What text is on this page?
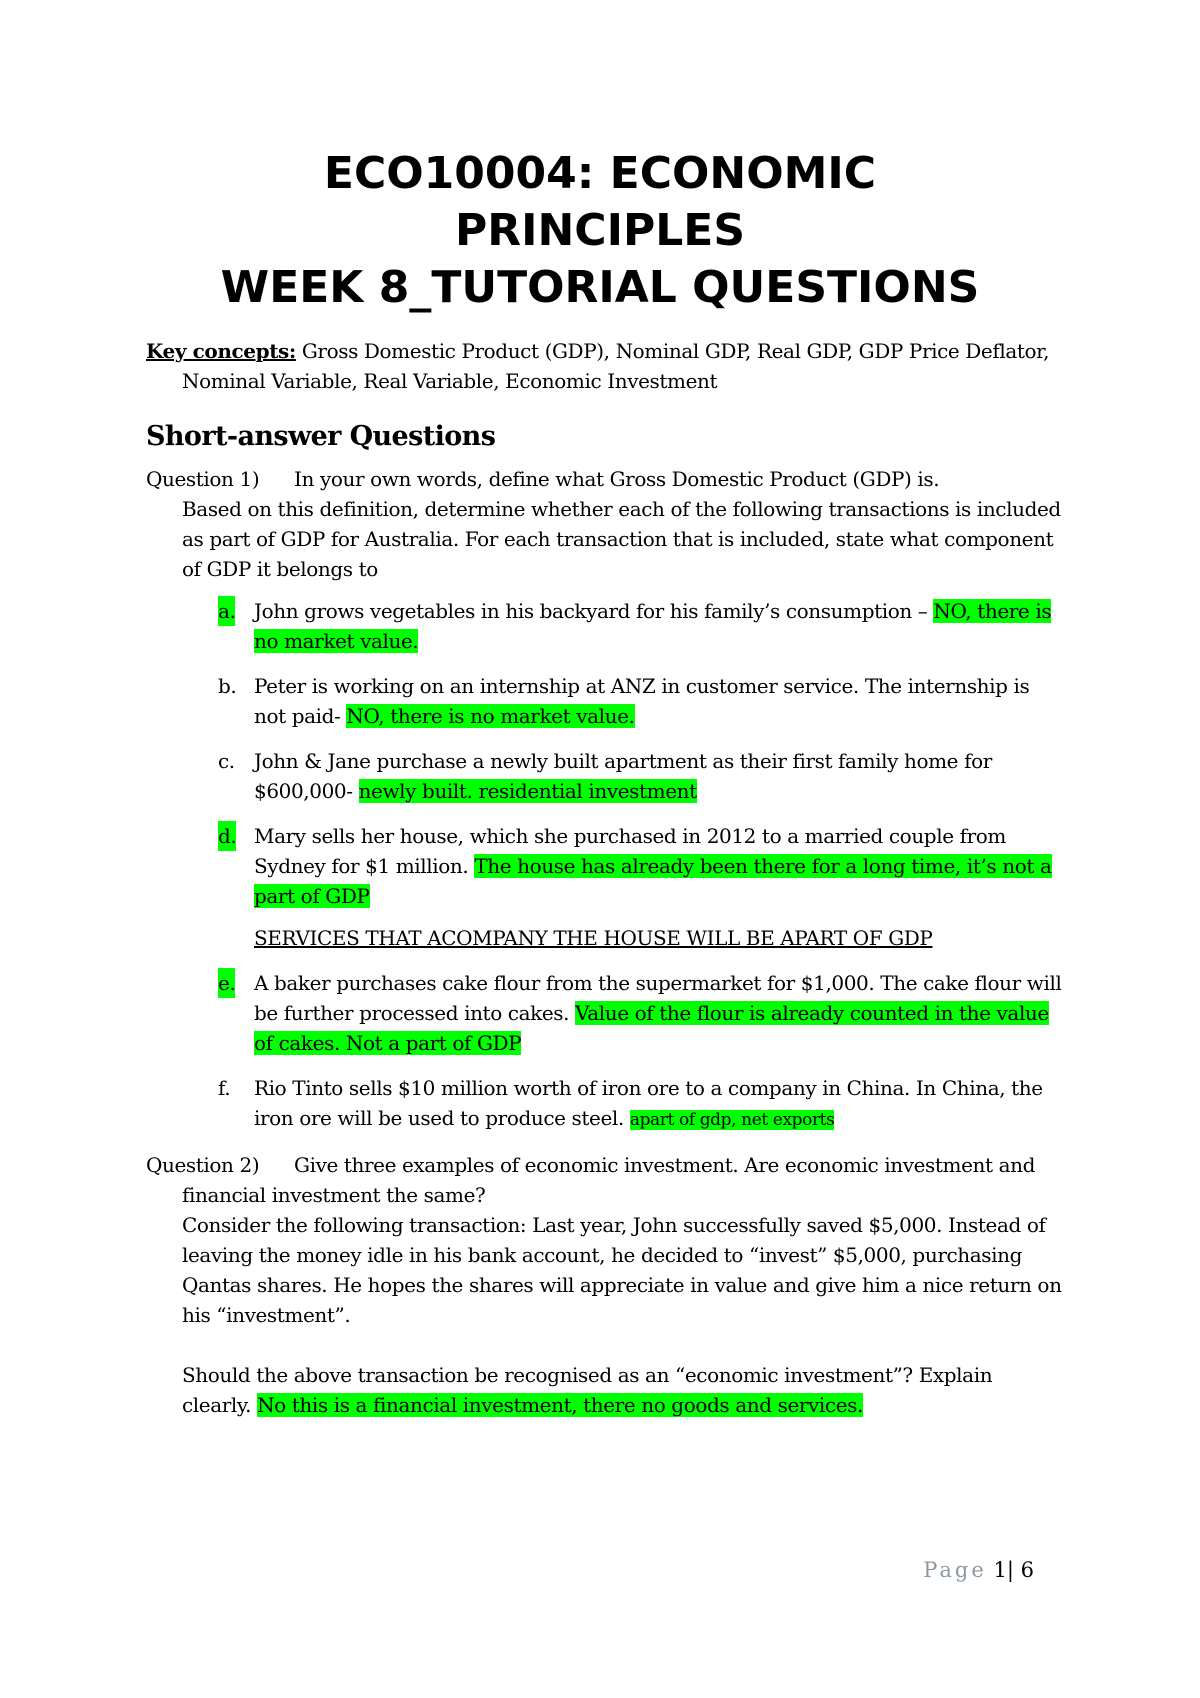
ECO10004: ECONOMIC
PRINCIPLES
WEEK 8_TUTORIAL QUESTIONS

Key concepts: Gross Domestic Product (GDP), Nominal GDP, Real GDP, GDP Price Deflator, Nominal Variable, Real Variable, Economic Investment

Short-answer Questions
Question 1) In your own words, define what Gross Domestic Product (GDP) is.

Based on this definition, determine whether each of the following transactions is included as part of GDP for Australia. For each transaction that is included, state what component of GDP it belongs to

a. John grows vegetables in his backyard for his family’s consumption – NO, there is no market value.
b. Peter is working on an internship at ANZ in customer service. The internship is not paid- NO, there is no market value.
c. John & Jane purchase a newly built apartment as their first family home for $600,000- newly built. residential investment
d. Mary sells her house, which she purchased in 2012 to a married couple from Sydney for $1 million. The house has already been there for a long time, it’s not a part of GDP
SERVICES THAT ACOMPANY THE HOUSE WILL BE APART OF GDP
e. A baker purchases cake flour from the supermarket for $1,000. The cake flour will be further processed into cakes. Value of the flour is already counted in the value of cakes. Not a part of GDP
f. Rio Tinto sells $10 million worth of iron ore to a company in China. In China, the iron ore will be used to produce steel. apart of gdp, net exports
Question 2) Give three examples of economic investment. Are economic investment and

financial investment the same?

Consider the following transaction: Last year, John successfully saved $5,000. Instead of leaving the money idle in his bank account, he decided to “invest” $5,000, purchasing Qantas shares. He hopes the shares will appreciate in value and give him a nice return on his “investment”.

Should the above transaction be recognised as an “economic investment”? Explain clearly. No this is a financial investment, there no goods and services.

Page 1| 6
